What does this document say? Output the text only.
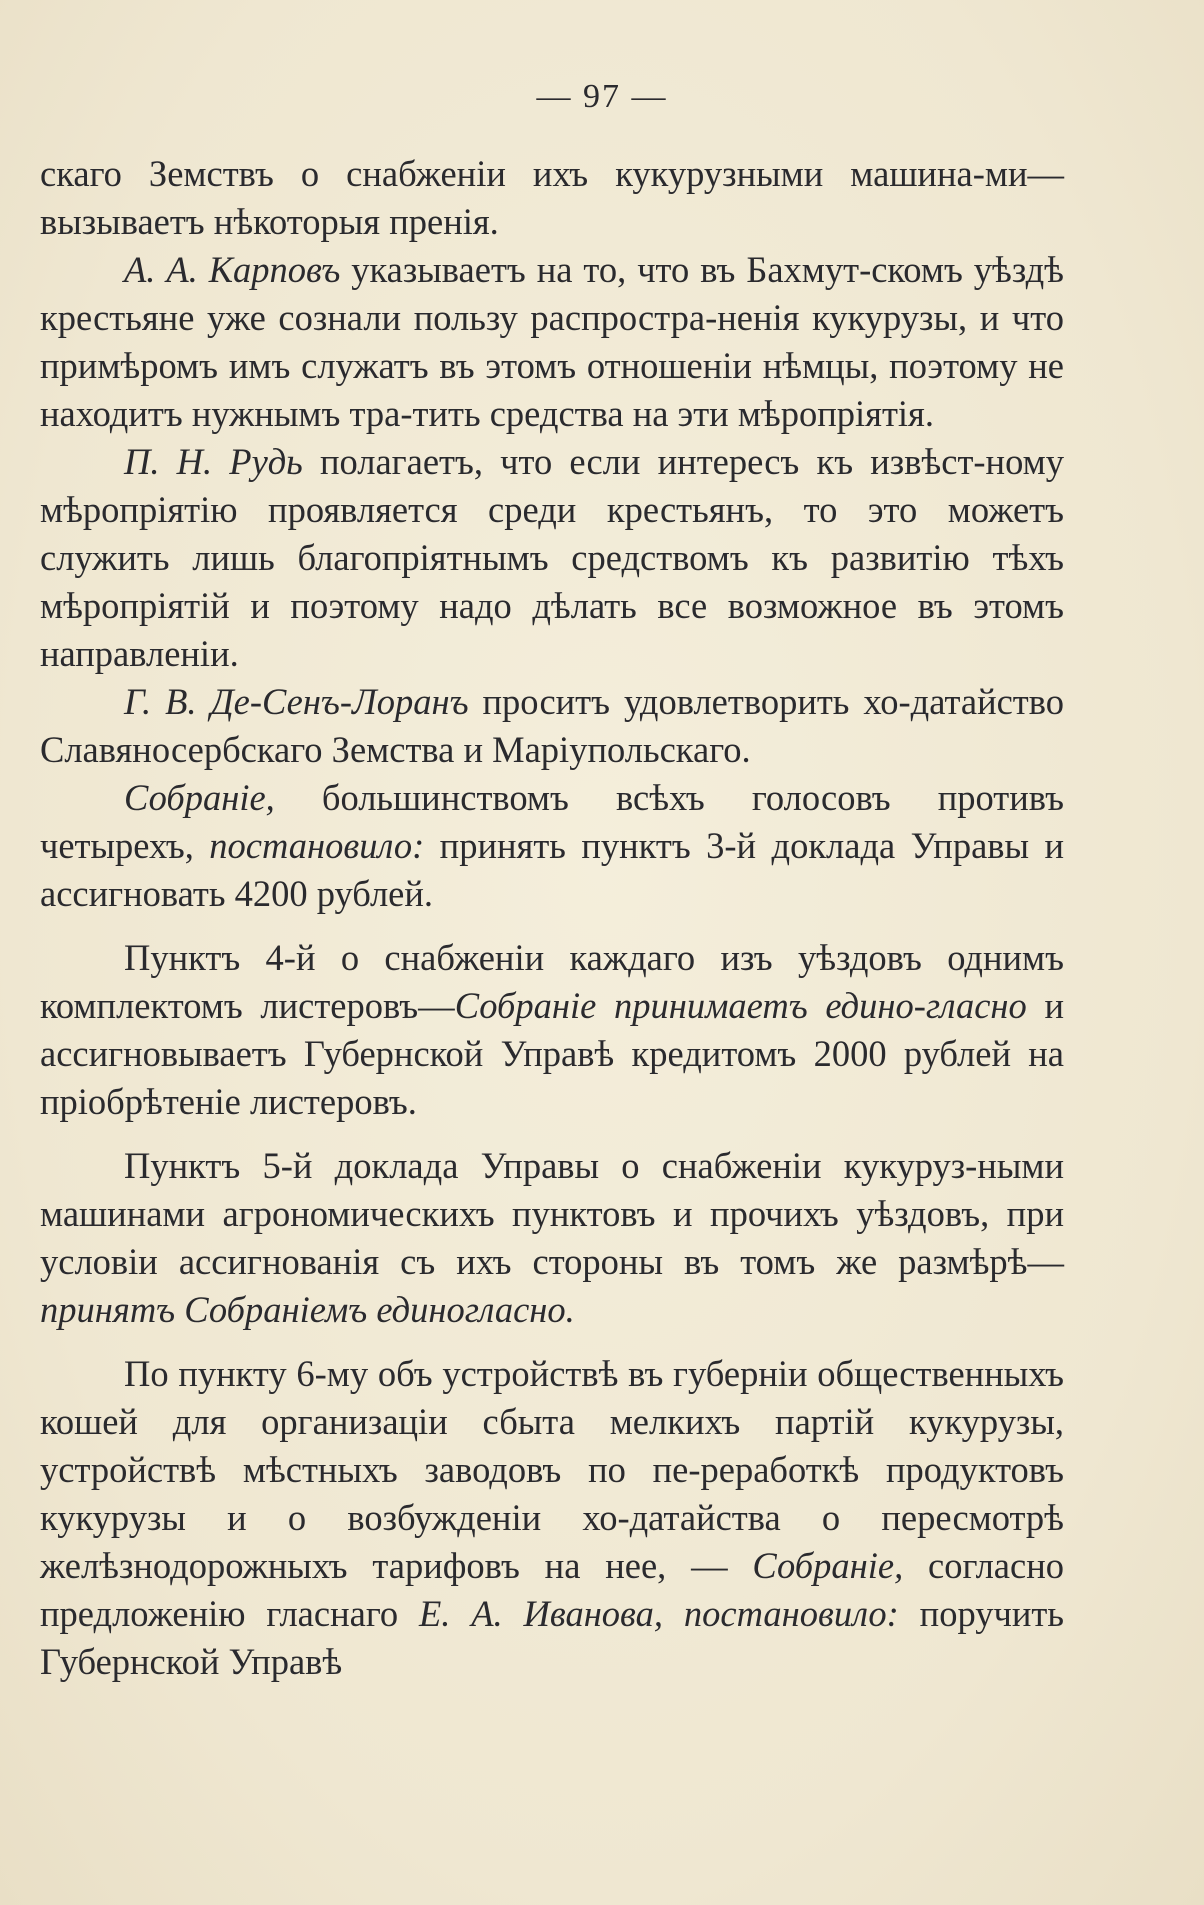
— 97 —

скаго Земствъ о снабженіи ихъ кукурузными машина-ми—вызываетъ нѣкоторыя пренія.

А. А. Карповъ указываетъ на то, что въ Бахмут-скомъ уѣздѣ крестьяне уже сознали пользу распростра-ненія кукурузы, и что примѣромъ имъ служатъ въ этомъ отношеніи нѣмцы, поэтому не находитъ нужнымъ тра-тить средства на эти мѣропріятія.

П. Н. Рудь полагаетъ, что если интересъ къ извѣст-ному мѣропріятію проявляется среди крестьянъ, то это можетъ служить лишь благопріятнымъ средствомъ къ развитію тѣхъ мѣропріятій и поэтому надо дѣлать все возможное въ этомъ направленіи.

Г. В. Де-Сенъ-Лоранъ проситъ удовлетворить хо-датайство Славяносербскаго Земства и Маріупольскаго.

Собраніе, большинствомъ всѣхъ голосовъ противъ четырехъ, постановило: принять пунктъ 3-й доклада Управы и ассигновать 4200 рублей.

Пунктъ 4-й о снабженіи каждаго изъ уѣздовъ однимъ комплектомъ листеровъ—Собраніе принимаетъ едино-гласно и ассигновываетъ Губернской Управѣ кредитомъ 2000 рублей на пріобрѣтеніе листеровъ.

Пунктъ 5-й доклада Управы о снабженіи кукуруз-ными машинами агрономическихъ пунктовъ и прочихъ уѣздовъ, при условіи ассигнованія съ ихъ стороны въ томъ же размѣрѣ—принятъ Собраніемъ единогласно.

По пункту 6-му объ устройствѣ въ губерніи общественныхъ кошей для организаціи сбыта мелкихъ партій кукурузы, устройствѣ мѣстныхъ заводовъ по пе-реработкѣ продуктовъ кукурузы и о возбужденіи хо-датайства о пересмотрѣ желѣзнодорожныхъ тарифовъ на нее, — Собраніе, согласно предложенію гласнаго Е. А. Иванова, постановило: поручить Губернской Управѣ
